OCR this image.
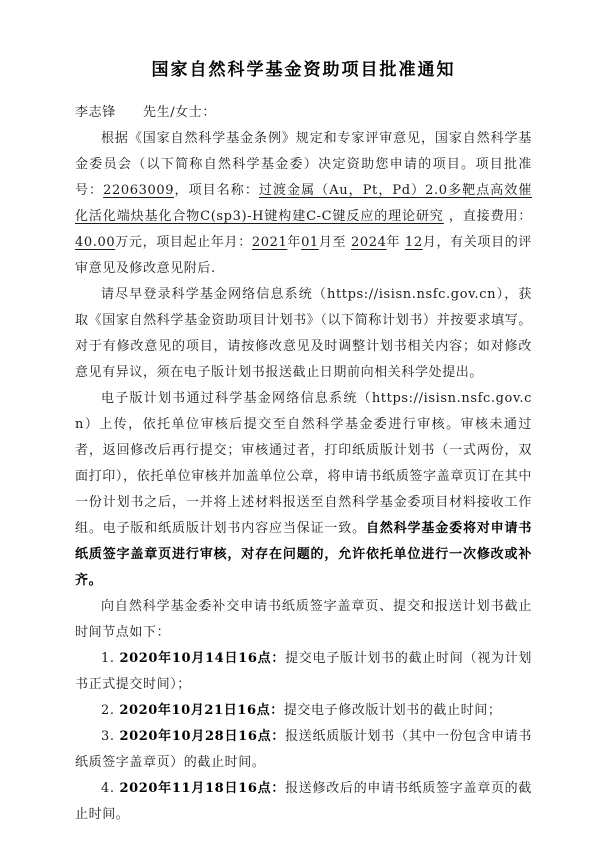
国家自然科学基金资助项目批准通知

李志锋　　先生/女士：

根据《国家自然科学基金条例》规定和专家评审意见，国家自然科学基金委员会（以下简称自然科学基金委）决定资助您申请的项目。项目批准号：22063009，项目名称：过渡金属（Au，Pt，Pd）2.0多靶点高效催化活化端炔基化合物C(sp3)-H键构建C-C键反应的理论研究 ，直接费用：40.00万元，项目起止年月：2021年01月至 2024年 12月，有关项目的评审意见及修改意见附后.

请尽早登录科学基金网络信息系统（https://isisn.nsfc.gov.cn），获取《国家自然科学基金资助项目计划书》（以下简称计划书）并按要求填写。对于有修改意见的项目，请按修改意见及时调整计划书相关内容；如对修改意见有异议，须在电子版计划书报送截止日期前向相关科学处提出。

电子版计划书通过科学基金网络信息系统（https://isisn.nsfc.gov.cn）上传，依托单位审核后提交至自然科学基金委进行审核。审核未通过者，返回修改后再行提交；审核通过者，打印纸质版计划书（一式两份，双面打印），依托单位审核并加盖单位公章，将申请书纸质签字盖章页订在其中一份计划书之后，一并将上述材料报送至自然科学基金委项目材料接收工作组。电子版和纸质版计划书内容应当保证一致。自然科学基金委将对申请书纸质签字盖章页进行审核，对存在问题的，允许依托单位进行一次修改或补齐。

向自然科学基金委补交申请书纸质签字盖章页、提交和报送计划书截止时间节点如下：

1. 2020年10月14日16点：提交电子版计划书的截止时间（视为计划书正式提交时间）；

2. 2020年10月21日16点：提交电子修改版计划书的截止时间；

3. 2020年10月28日16点：报送纸质版计划书（其中一份包含申请书纸质签字盖章页）的截止时间。

4. 2020年11月18日16点：报送修改后的申请书纸质签字盖章页的截止时间。
